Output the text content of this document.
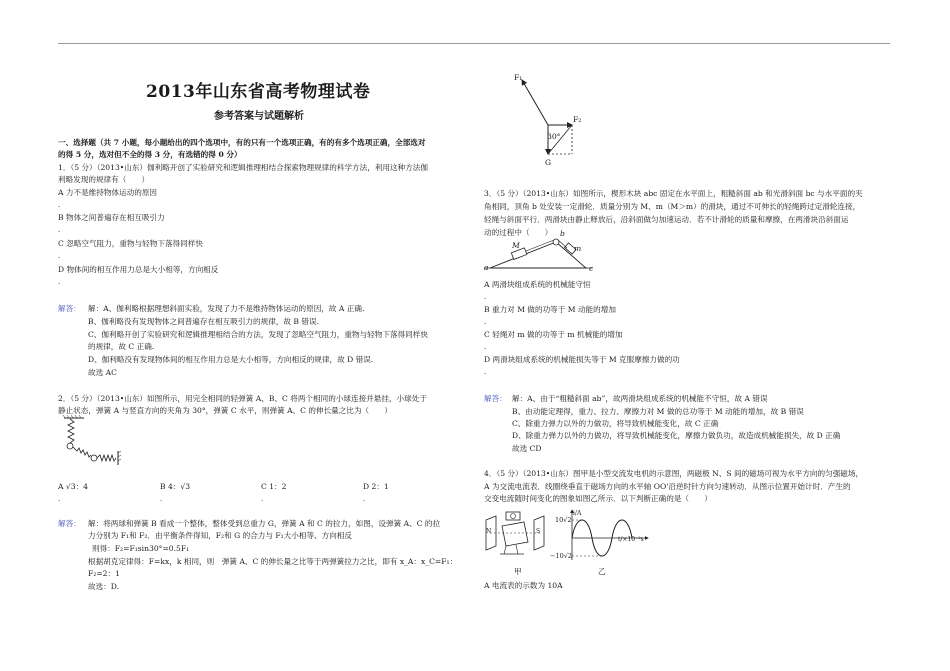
2013年山东省高考物理试卷
参考答案与试题解析
一、选择题（共 7 小题，每小题给出的四个选项中，有的只有一个选项正确，有的有多个选项正确，全部选对
的得 5 分，选对但不全的得 3 分，有选错的得 0 分）
1．（5 分）（2013•山东）伽利略开创了实验研究和逻辑推理相结合探索物理规律的科学方法，利用这种方法伽
利略发现的规律有（　　）
A 力不是维持物体运动的原因
.
B 物体之间普遍存在相互吸引力
.
C 忽略空气阻力，重物与轻物下落得同样快
.
D 物体间的相互作用力总是大小相等，方向相反
.
解答： 解：A、伽利略根据理想斜面实验，发现了力不是维持物体运动的原因，故 A 正确.
B、伽利略没有发现物体之间普遍存在相互吸引力的规律，故 B 错误.
C、伽利略开创了实验研究和逻辑推理相结合的方法，发现了忽略空气阻力，重物与轻物下落得同样快
的规律，故 C 正确.
D、伽利略没有发现物体间的相互作用力总是大小相等，方向相反的规律，故 D 错误.
故选 AC
2．（5 分）（2013•山东）如图所示，用完全相同的轻弹簧 A、B、C 将两个相同的小球连接并悬挂，小球处于
静止状态，弹簧 A 与竖直方向的夹角为 30°，弹簧 C 水平，则弹簧 A、C 的伸长量之比为（　　）
A √3：4	B 4：√3	C 1：2	D 2：1
.	.	.	.
解答： 解：将两球和弹簧 B 看成一个整体，整体受到总重力 G，弹簧 A 和 C 的拉力，如图，设弹簧 A、C 的拉
力分别为 F₁和 F₂．由平衡条件得知，F₂和 G 的合力与 F₁大小相等、方向相反
则得：F₂=F₁sin30°=0.5F₁
根据胡克定律得：F=kx，k 相同，则　弹簧 A、C 的伸长量之比等于两弹簧拉力之比，即有 x_A：x_C=F₁：
F₂=2：1
故选：D.
F₁
F₂
30°
G
3．（5 分）（2013•山东）如图所示，楔形木块 abc 固定在水平面上，粗糙斜面 ab 和光滑斜面 bc 与水平面的夹
角相同，顶角 b 处安装一定滑轮．质量分别为 M、m（M＞m）的滑块，通过不可伸长的轻绳跨过定滑轮连接，
轻绳与斜面平行．两滑块由静止释放后，沿斜面做匀加速运动．若不计滑轮的质量和摩擦，在两滑块沿斜面运
动的过程中（　　）
M	m
a
b
c
A 两滑块组成系统的机械能守恒
.
B 重力对 M 做的功等于 M 动能的增加
.
C 轻绳对 m 做的功等于 m 机械能的增加
.
D 两滑块组成系统的机械能损失等于 M 克服摩擦力做的功
.
解答： 解：A、由于“粗糙斜面 ab”，故两滑块组成系统的机械能不守恒，故 A 错误
B、由动能定理得，重力、拉力、摩擦力对 M 做的总功等于 M 动能的增加，故 B 错误
C、除重力弹力以外的力做功，将导致机械能变化，故 C 正确
D、除重力弹力以外的力做功，将导致机械能变化，摩擦力做负功，故造成机械能损失，故 D 正确
故选 CD
4．（5 分）（2013•山东）图甲是小型交流发电机的示意图，两磁极 N、S 间的磁场可视为水平方向的匀强磁场，
A 为交流电流表．线圈绕垂直于磁场方向的水平轴 OO'沿逆时针方向匀速转动．从图示位置开始计时．产生的
交变电流随时间变化的图象如图乙所示．以下判断正确的是（　　）
N	S
甲
10√2
−10√2
i/A
t/×10⁻²s
乙
A 电流表的示数为 10A
